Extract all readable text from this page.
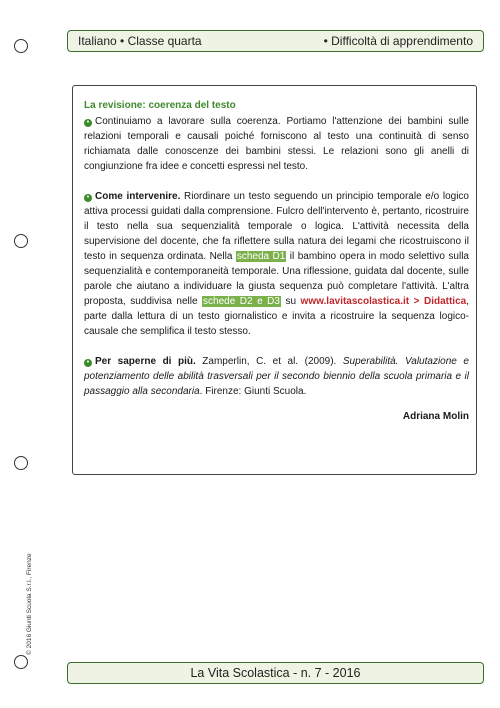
Italiano • Classe quarta	• Difficoltà di apprendimento
La revisione: coerenza del testo

• Continuiamo a lavorare sulla coerenza. Portiamo l'attenzione dei bambini sulle relazioni temporali e causali poiché forniscono al testo una continuità di senso richiamata dalle conoscenze dei bambini stessi. Le relazioni sono gli anelli di congiunzione fra idee e concetti espressi nel testo.

• Come intervenire. Riordinare un testo seguendo un principio temporale e/o logico attiva processi guidati dalla comprensione. Fulcro dell'intervento è, pertanto, ricostruire il testo nella sua sequenzialità temporale o logica. L'attività necessita della supervisione del docente, che fa riflettere sulla natura dei legami che ricostruiscono il testo in sequenza ordinata. Nella scheda D1 il bambino opera in modo selettivo sulla sequenzialità e contemporaneità temporale. Una riflessione, guidata dal docente, sulle parole che aiutano a individuare la giusta sequenza può completare l'attività. L'altra proposta, suddivisa nelle schede D2 e D3 su www.lavitascolastica.it > Didattica, parte dalla lettura di un testo giornalistico e invita a ricostruire la sequenza logico-causale che semplifica il testo stesso.

• Per saperne di più. Zamperlin, C. et al. (2009). Superabilità. Valutazione e potenziamento delle abilità trasversali per il secondo biennio della scuola primaria e il passaggio alla secondaria. Firenze: Giunti Scuola.

Adriana Molin
© 2016 Giunti Scuola S.r.l., Firenze
La Vita Scolastica - n. 7 - 2016
